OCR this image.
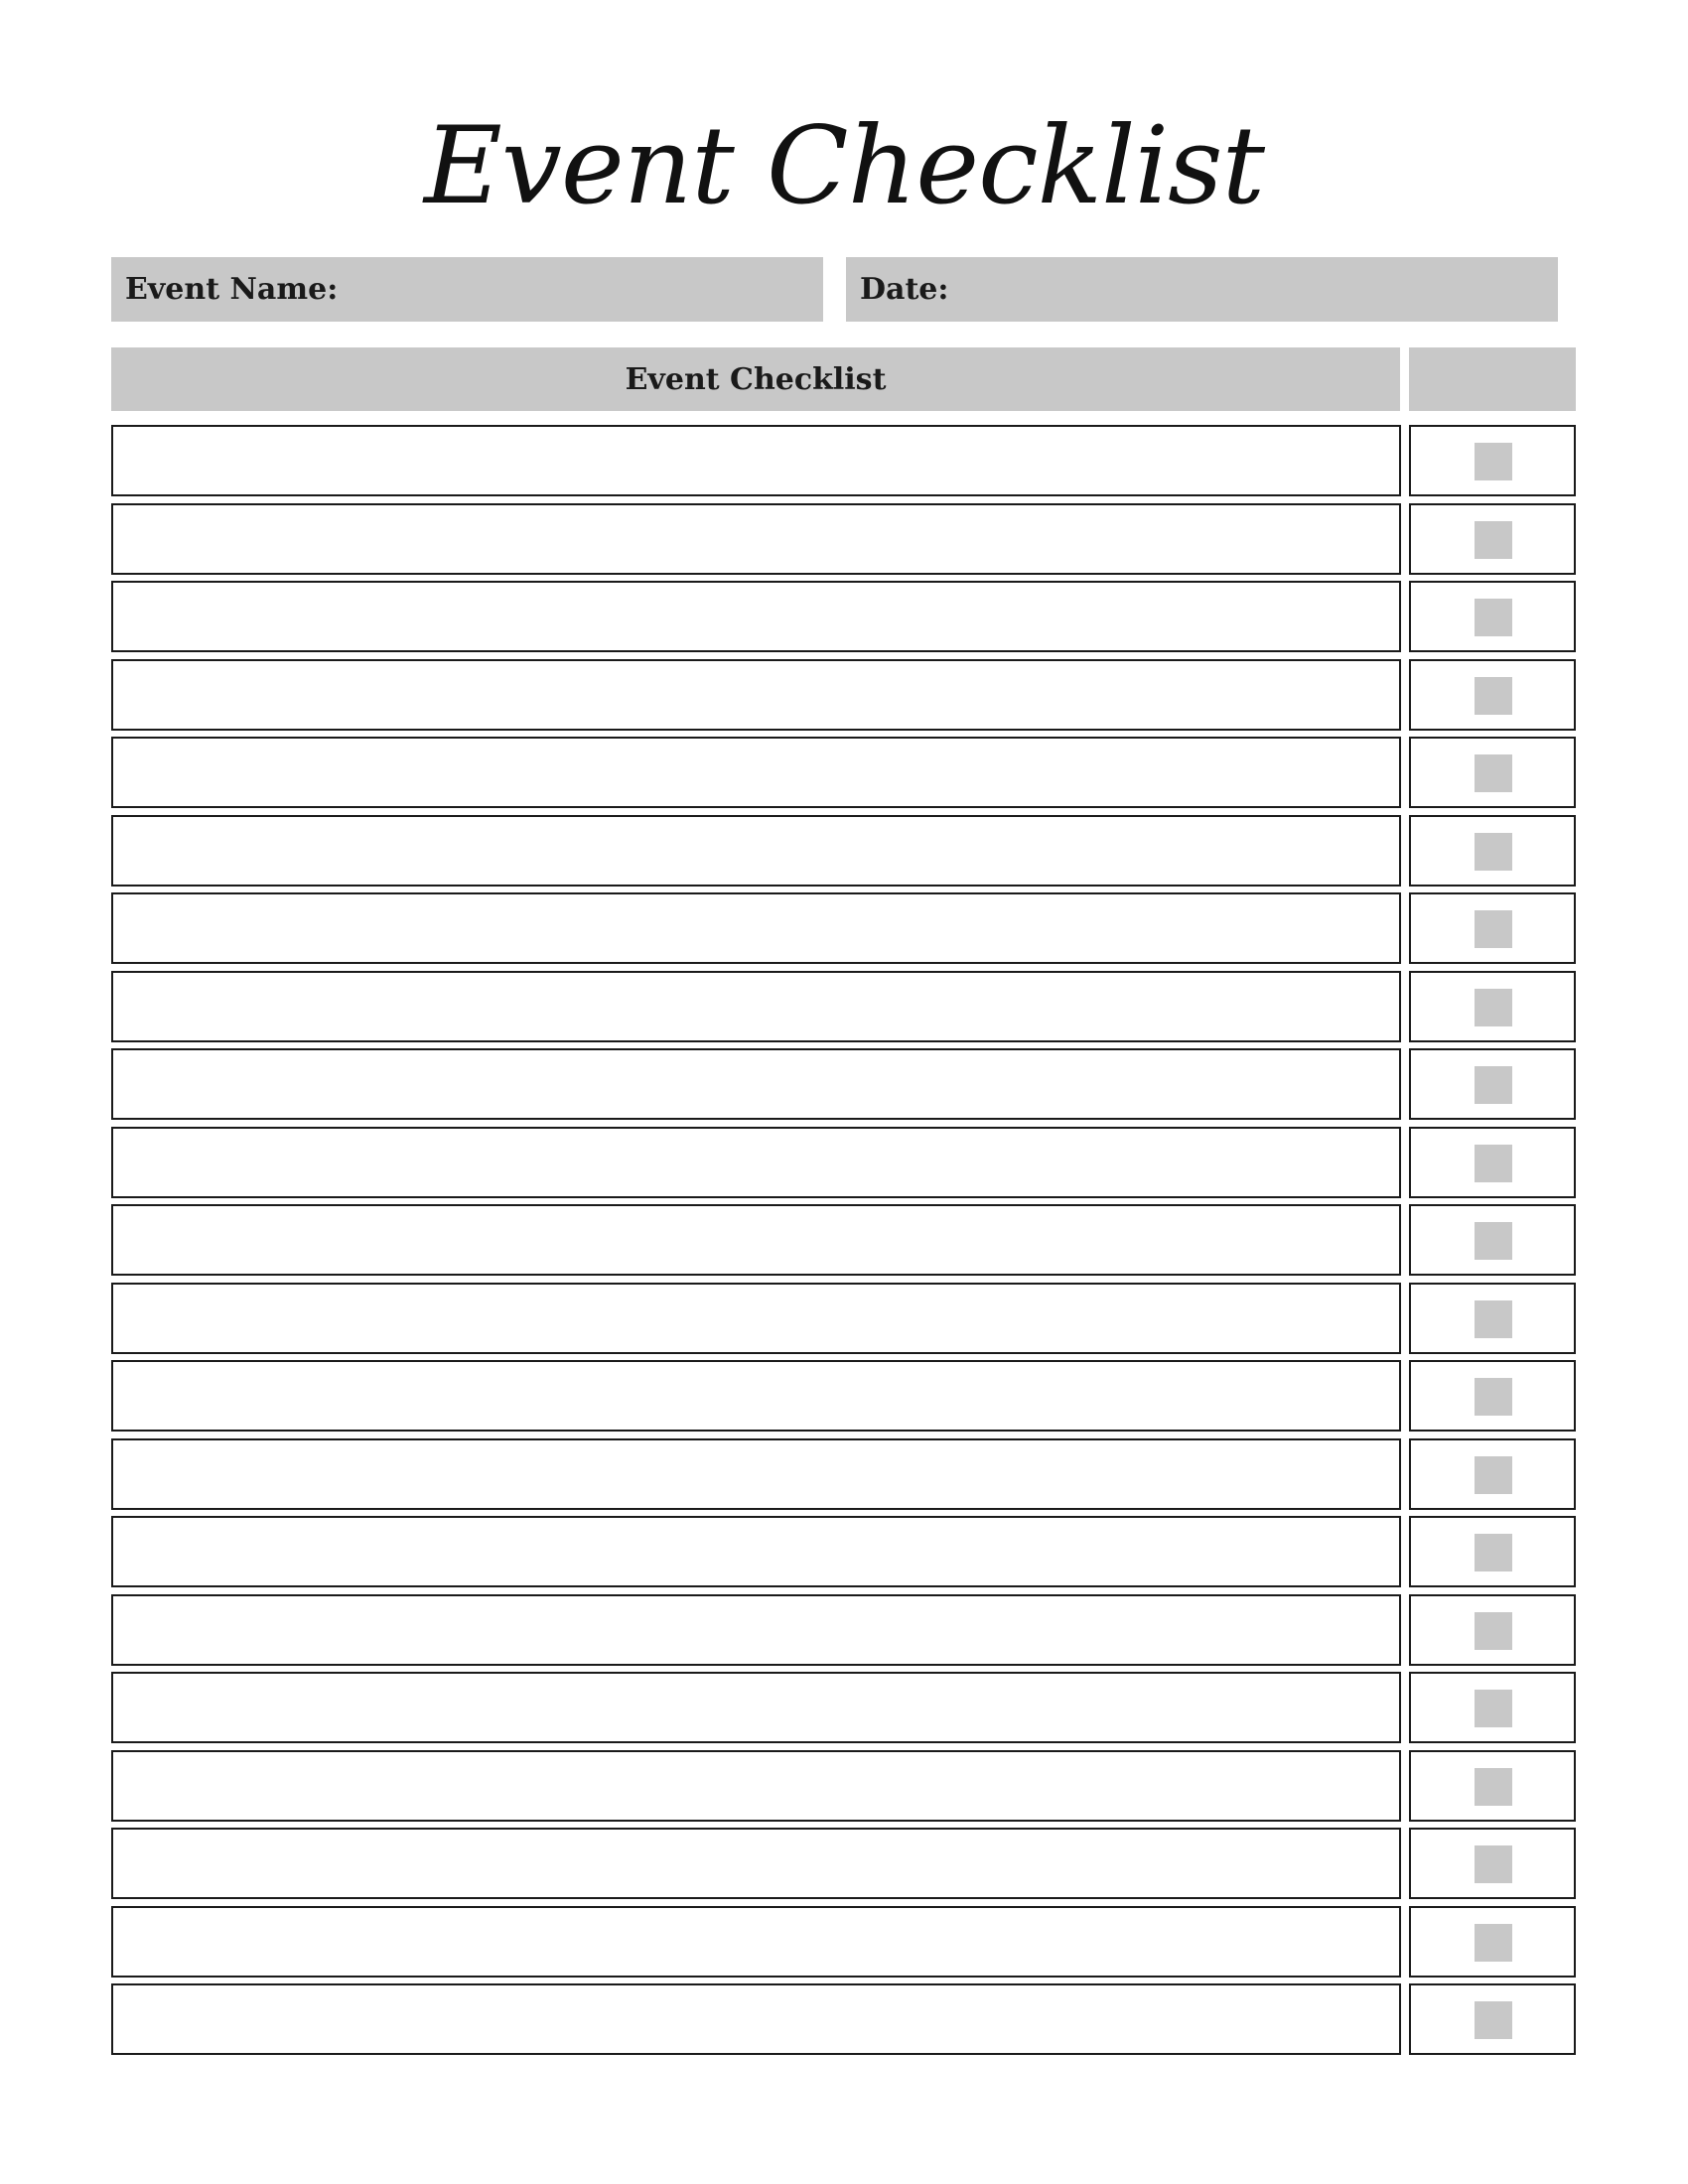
Event Checklist
Event Name:	Date:
Event Checklist
